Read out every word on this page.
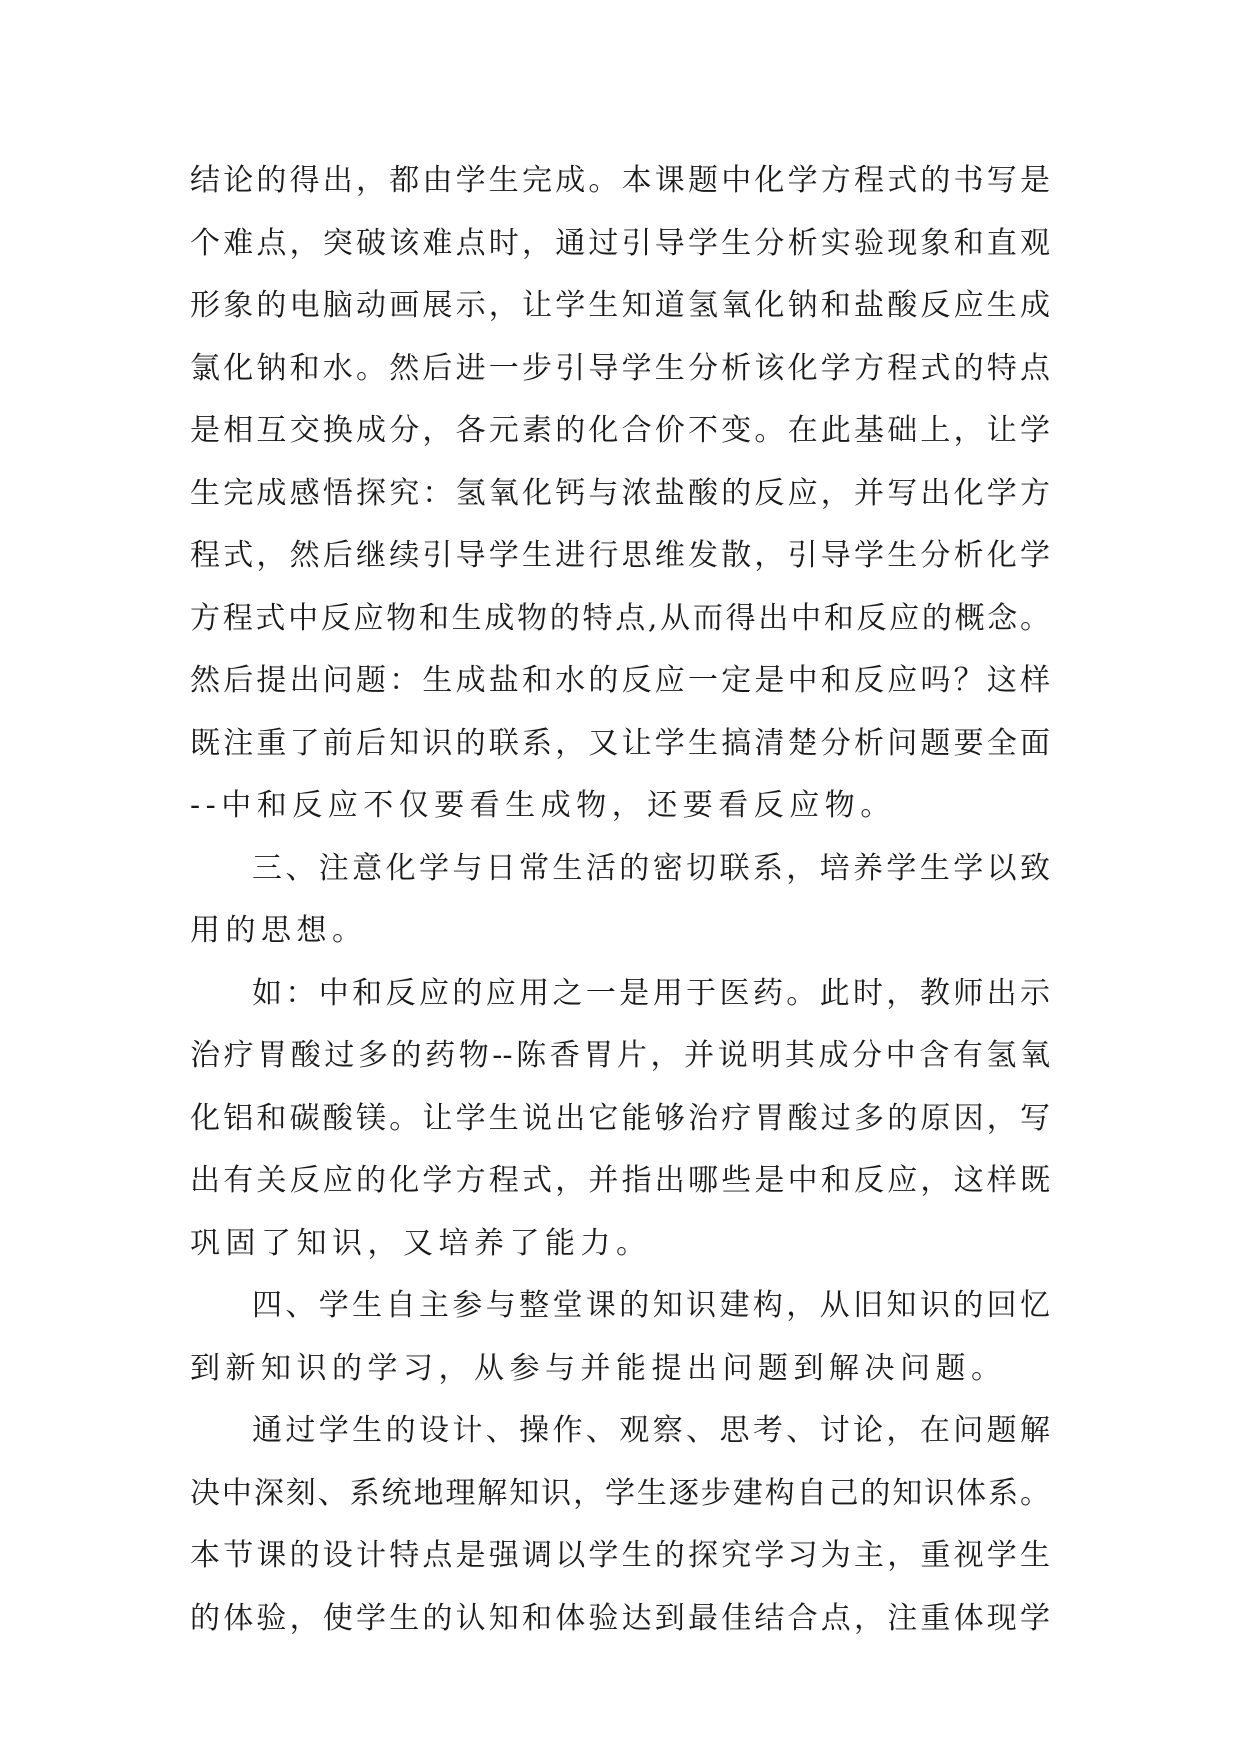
结论的得出，都由学生完成。本课题中化学方程式的书写是
个难点，突破该难点时，通过引导学生分析实验现象和直观
形象的电脑动画展示，让学生知道氢氧化钠和盐酸反应生成
氯化钠和水。然后进一步引导学生分析该化学方程式的特点
是相互交换成分，各元素的化合价不变。在此基础上，让学
生完成感悟探究：氢氧化钙与浓盐酸的反应，并写出化学方
程式，然后继续引导学生进行思维发散，引导学生分析化学
方程式中反应物和生成物的特点,从而得出中和反应的概念。
然后提出问题：生成盐和水的反应一定是中和反应吗？这样
既注重了前后知识的联系，又让学生搞清楚分析问题要全面
--中和反应不仅要看生成物，还要看反应物。
三、注意化学与日常生活的密切联系，培养学生学以致
用的思想。
如：中和反应的应用之一是用于医药。此时，教师出示
治疗胃酸过多的药物--陈香胃片，并说明其成分中含有氢氧
化铝和碳酸镁。让学生说出它能够治疗胃酸过多的原因，写
出有关反应的化学方程式，并指出哪些是中和反应，这样既
巩固了知识，又培养了能力。
四、学生自主参与整堂课的知识建构，从旧知识的回忆
到新知识的学习，从参与并能提出问题到解决问题。
通过学生的设计、操作、观察、思考、讨论，在问题解
决中深刻、系统地理解知识，学生逐步建构自己的知识体系。
本节课的设计特点是强调以学生的探究学习为主，重视学生
的体验，使学生的认知和体验达到最佳结合点，注重体现学
